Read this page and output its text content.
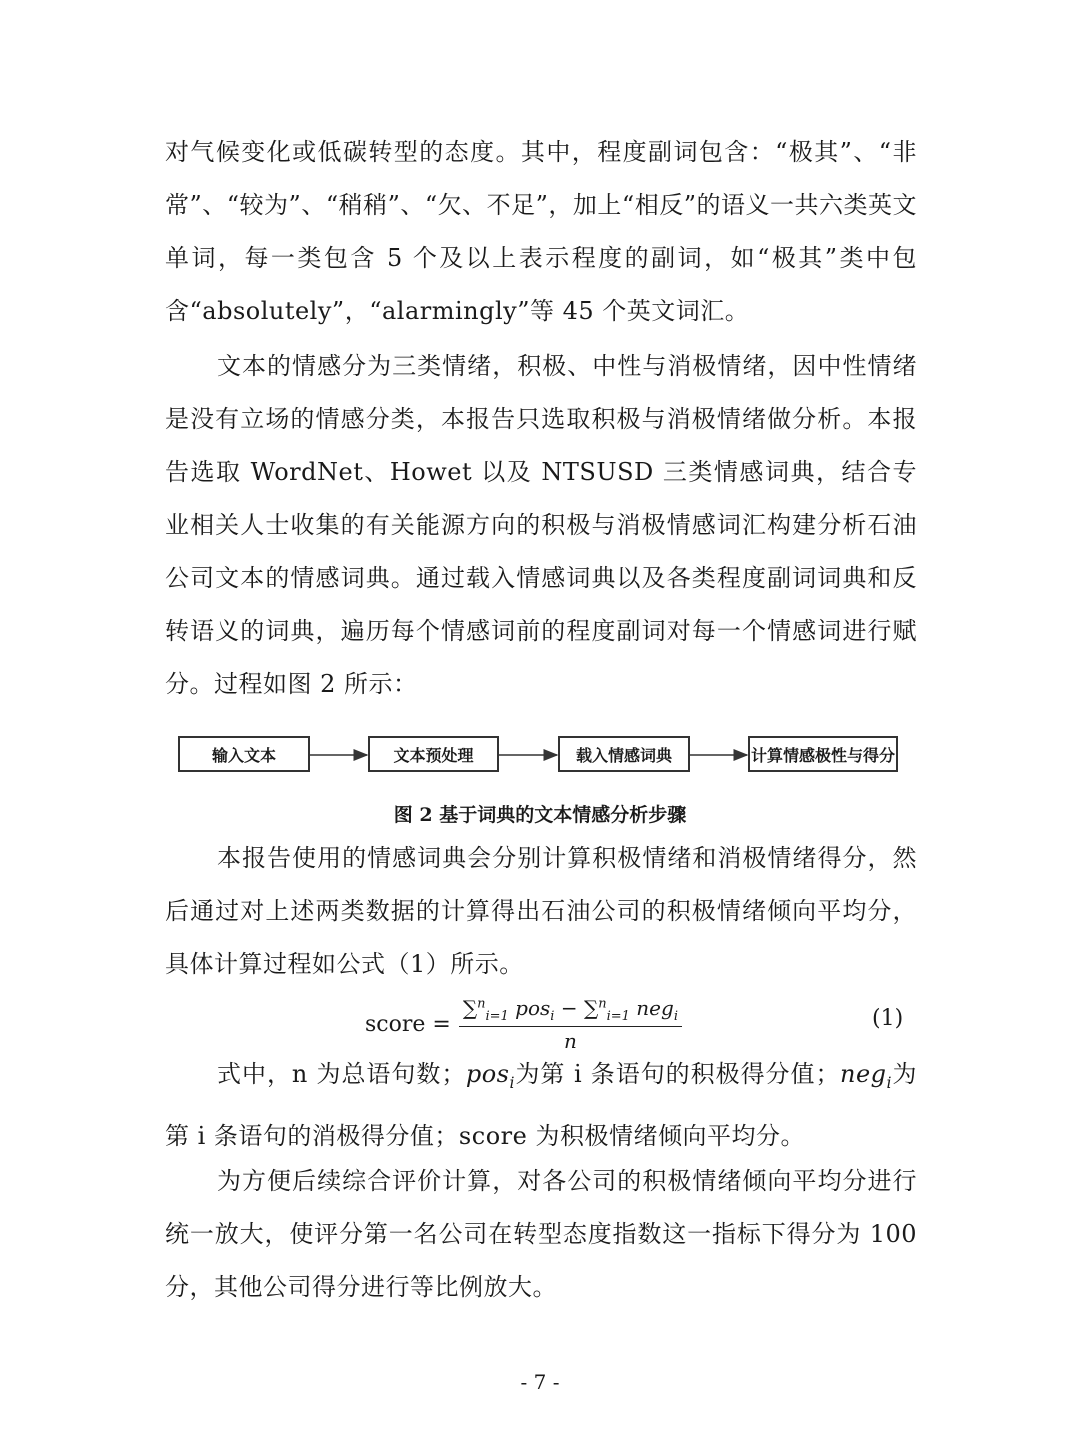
对气候变化或低碳转型的态度。其中，程度副词包含：“极其”、“非常”、“较为”、“稍稍”、“欠、不足”，加上“相反”的语义一共六类英文单词，每一类包含 5 个及以上表示程度的副词，如“极其”类中包含“absolutely”，“alarmingly”等 45 个英文词汇。

文本的情感分为三类情绪，积极、中性与消极情绪，因中性情绪是没有立场的情感分类，本报告只选取积极与消极情绪做分析。本报告选取 WordNet、Howet 以及 NTSUSD 三类情感词典，结合专业相关人士收集的有关能源方向的积极与消极情感词汇构建分析石油公司文本的情感词典。通过载入情感词典以及各类程度副词词典和反转语义的词典，遍历每个情感词前的程度副词对每一个情感词进行赋分。过程如图 2 所示：

输入文本	文本预处理	载入情感词典	计算情感极性与得分
图 2 基于词典的文本情感分析步骤

本报告使用的情感词典会分别计算积极情绪和消极情绪得分，然后通过对上述两类数据的计算得出石油公司的积极情绪倾向平均分，具体计算过程如公式（1）所示。

score = $\frac{\sum^n_{i=1} pos_i - \sum^n_{i=1} neg_i}{n}$	(1)

式中，n 为总语句数；pos$_i$为第 i 条语句的积极得分值；neg$_i$为第 i 条语句的消极得分值；score 为积极情绪倾向平均分。

为方便后续综合评价计算，对各公司的积极情绪倾向平均分进行统一放大，使评分第一名公司在转型态度指数这一指标下得分为 100 分，其他公司得分进行等比例放大。

- 7 -
